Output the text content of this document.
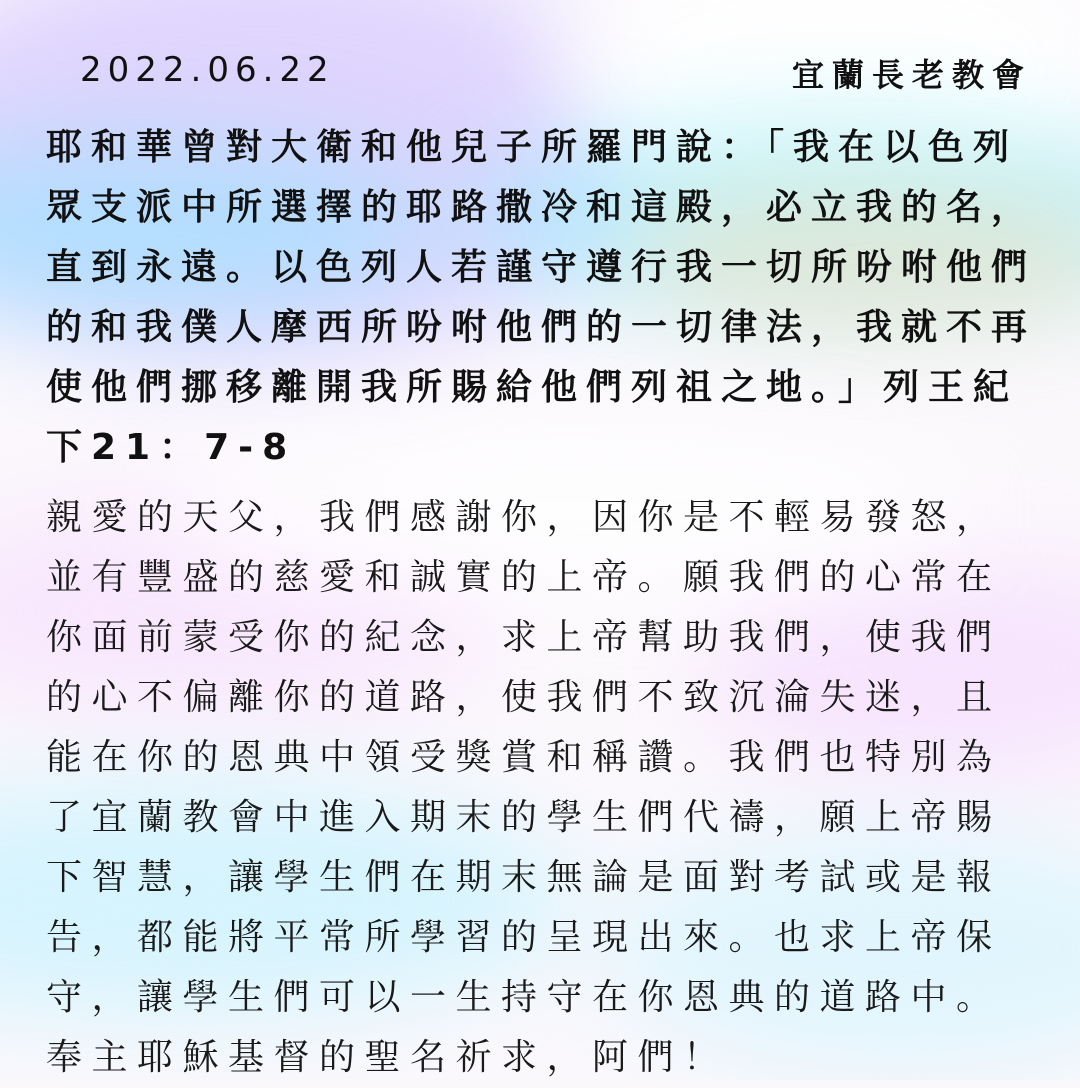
2022.06.22	宜蘭長老教會

耶和華曾對大衛和他兒子所羅門說：「我在以色列眾支派中所選擇的耶路撒冷和這殿，必立我的名，直到永遠。以色列人若謹守遵行我一切所吩咐他們的和我僕人摩西所吩咐他們的一切律法，我就不再使他們挪移離開我所賜給他們列祖之地。」列王紀下21：7-8

親愛的天父，我們感謝你，因你是不輕易發怒，並有豐盛的慈愛和誠實的上帝。願我們的心常在你面前蒙受你的紀念，求上帝幫助我們，使我們的心不偏離你的道路，使我們不致沉淪失迷，且能在你的恩典中領受獎賞和稱讚。我們也特別為了宜蘭教會中進入期末的學生們代禱，願上帝賜下智慧，讓學生們在期末無論是面對考試或是報告，都能將平常所學習的呈現出來。也求上帝保守，讓學生們可以一生持守在你恩典的道路中。奉主耶穌基督的聖名祈求，阿們！
